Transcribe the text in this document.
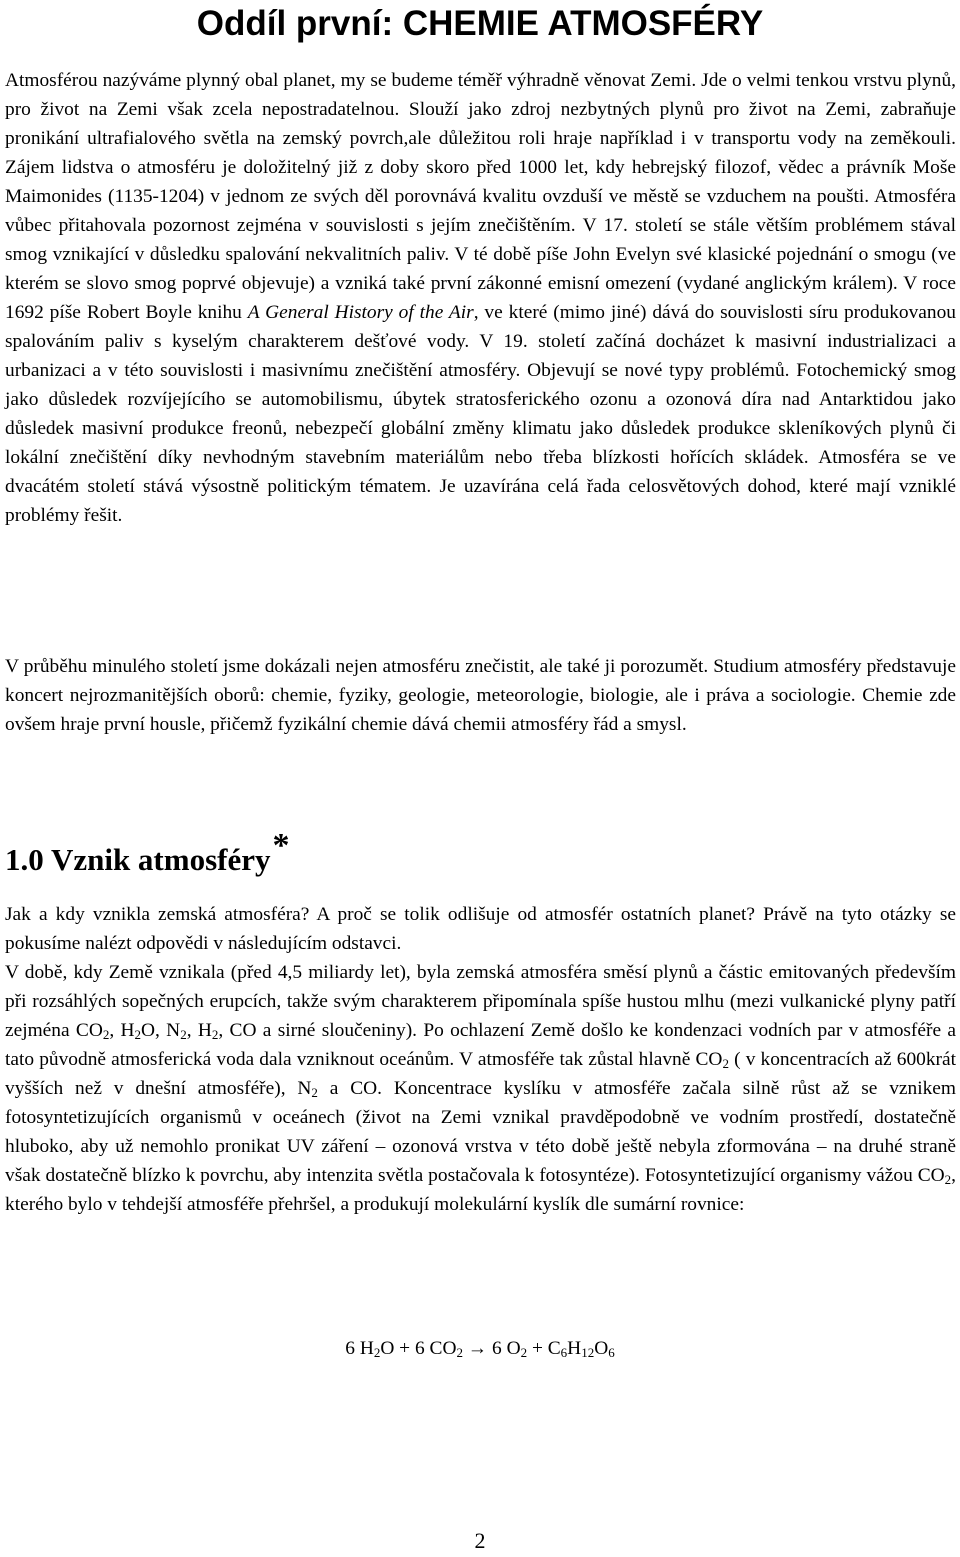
Oddíl první: CHEMIE ATMOSFÉRY

Atmosférou nazýváme plynný obal planet, my se budeme téměř výhradně věnovat Zemi. Jde o velmi tenkou vrstvu plynů, pro život na Zemi však zcela nepostradatelnou. Slouží jako zdroj nezbytných plynů pro život na Zemi, zabraňuje pronikání ultrafialového světla na zemský povrch,ale důležitou roli hraje například i v transportu vody na zeměkouli. Zájem lidstva o atmosféru je doložitelný již z doby skoro před 1000 let, kdy hebrejský filozof, vědec a právník Moše Maimonides (1135-1204) v jednom ze svých děl porovnává kvalitu ovzduší ve městě se vzduchem na poušti. Atmosféra vůbec přitahovala pozornost zejména v souvislosti s jejím znečištěním. V 17. století se stále větším problémem stával smog vznikající v důsledku spalování nekvalitních paliv. V té době píše John Evelyn své klasické pojednání o smogu (ve kterém se slovo smog poprvé objevuje) a vzniká také první zákonné emisní omezení (vydané anglickým králem). V roce 1692 píše Robert Boyle knihu A General History of the Air, ve které (mimo jiné) dává do souvislosti síru produkovanou spalováním paliv s kyselým charakterem dešťové vody. V 19. století začíná docházet k masivní industrializaci a urbanizaci a v této souvislosti i masivnímu znečištění atmosféry. Objevují se nové typy problémů. Fotochemický smog jako důsledek rozvíjejícího se automobilismu, úbytek stratosferického ozonu a ozonová díra nad Antarktidou jako důsledek masivní produkce freonů, nebezpečí globální změny klimatu jako důsledek produkce skleníkových plynů či lokální znečištění díky nevhodným stavebním materiálům nebo třeba blízkosti hořících skládek. Atmosféra se ve dvacátém století stává výsostně politickým tématem. Je uzavírána celá řada celosvětových dohod, které mají vzniklé problémy řešit.

V průběhu minulého století jsme dokázali nejen atmosféru znečistit, ale také ji porozumět. Studium atmosféry představuje koncert nejrozmanitějších oborů: chemie, fyziky, geologie, meteorologie, biologie, ale i práva a sociologie. Chemie zde ovšem hraje první housle, přičemž fyzikální chemie dává chemii atmosféry řád a smysl.

1.0 Vznik atmosféry*

Jak a kdy vznikla zemská atmosféra? A proč se tolik odlišuje od atmosfér ostatních planet? Právě na tyto otázky se pokusíme nalézt odpovědi v následujícím odstavci.

V době, kdy Země vznikala (před 4,5 miliardy let), byla zemská atmosféra směsí plynů a částic emitovaných především při rozsáhlých sopečných erupcích, takže svým charakterem připomínala spíše hustou mlhu (mezi vulkanické plyny patří zejména $CO_2$, $H_2O$, $N_2$, $H_2$, CO a sirné sloučeniny). Po ochlazení Země došlo ke kondenzaci vodních par v atmosféře a tato původně atmosferická voda dala vzniknout oceánům. V atmosféře tak zůstal hlavně $CO_2$ ( v koncentracích až 600krát vyšších než v dnešní atmosféře), $N_2$ a CO. Koncentrace kyslíku v atmosféře začala silně růst až se vznikem fotosyntetizujících organismů v oceánech (život na Zemi vznikal pravděpodobně ve vodním prostředí, dostatečně hluboko, aby už nemohlo pronikat UV záření – ozonová vrstva v této době ještě nebyla zformována – na druhé straně však dostatečně blízko k povrchu, aby intenzita světla postačovala k fotosyntéze). Fotosyntetizující organismy vážou $CO_2$, kterého bylo v tehdejší atmosféře přehršel, a produkují molekulární kyslík dle sumární rovnice:

6 $H_2O + 6$ $CO_2 \to 6$ $O_2 + C_6H_{12}O_6$

2
